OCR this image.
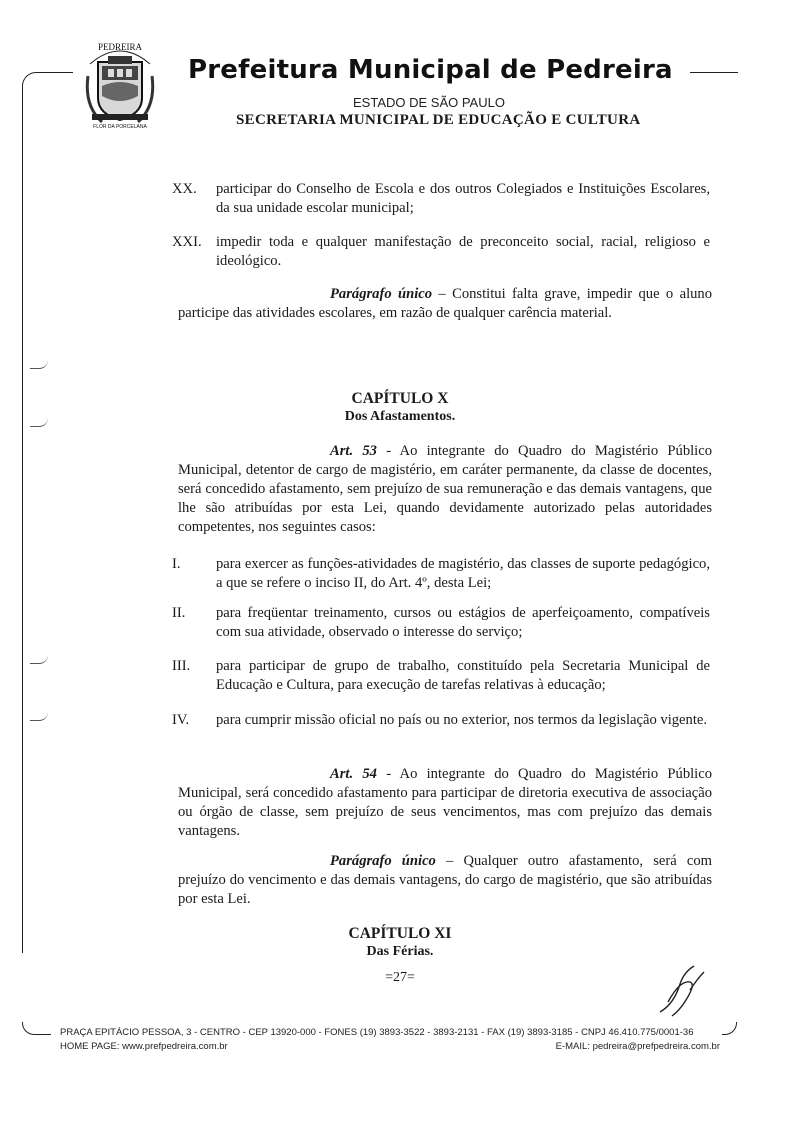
PEDREIRA
FLOR DA PORCELANA
Prefeitura Municipal de Pedreira
ESTADO DE SÃO PAULO
SECRETARIA MUNICIPAL DE EDUCAÇÃO E CULTURA
XX.	participar do Conselho de Escola e dos outros Colegiados e Instituições Escolares, da sua unidade escolar municipal;
XXI. impedir toda e qualquer manifestação de preconceito social, racial, religioso e ideológico.
Parágrafo único – Constitui falta grave, impedir que o aluno participe das atividades escolares, em razão de qualquer carência material.
CAPÍTULO X
Dos Afastamentos.
Art. 53 - Ao integrante do Quadro do Magistério Público Municipal, detentor de cargo de magistério, em caráter permanente, da classe de docentes, será concedido afastamento, sem prejuízo de sua remuneração e das demais vantagens, que lhe são atribuídas por esta Lei, quando devidamente autorizado pelas autoridades competentes, nos seguintes casos:
I.	para exercer as funções-atividades de magistério, das classes de suporte pedagógico, a que se refere o inciso II, do Art. 4º, desta Lei;
II.	para freqüentar treinamento, cursos ou estágios de aperfeiçoamento, compatíveis com sua atividade, observado o interesse do serviço;
III.	para participar de grupo de trabalho, constituído pela Secretaria Municipal de Educação e Cultura, para execução de tarefas relativas à educação;
IV.	para cumprir missão oficial no país ou no exterior, nos termos da legislação vigente.
Art. 54 - Ao integrante do Quadro do Magistério Público Municipal, será concedido afastamento para participar de diretoria executiva de associação ou órgão de classe, sem prejuízo de seus vencimentos, mas com prejuízo das demais vantagens.
Parágrafo único – Qualquer outro afastamento, será com prejuízo do vencimento e das demais vantagens, do cargo de magistério, que são atribuídas por esta Lei.
CAPÍTULO XI
Das Férias.
=27=
PRAÇA EPITÁCIO PESSOA, 3 - CENTRO - CEP 13920-000 - FONES (19) 3893-3522 - 3893-2131 - FAX (19) 3893-3185 - CNPJ 46.410.775/0001-36
HOME PAGE: www.prefpedreira.com.br	E-MAIL: pedreira@prefpedreira.com.br
